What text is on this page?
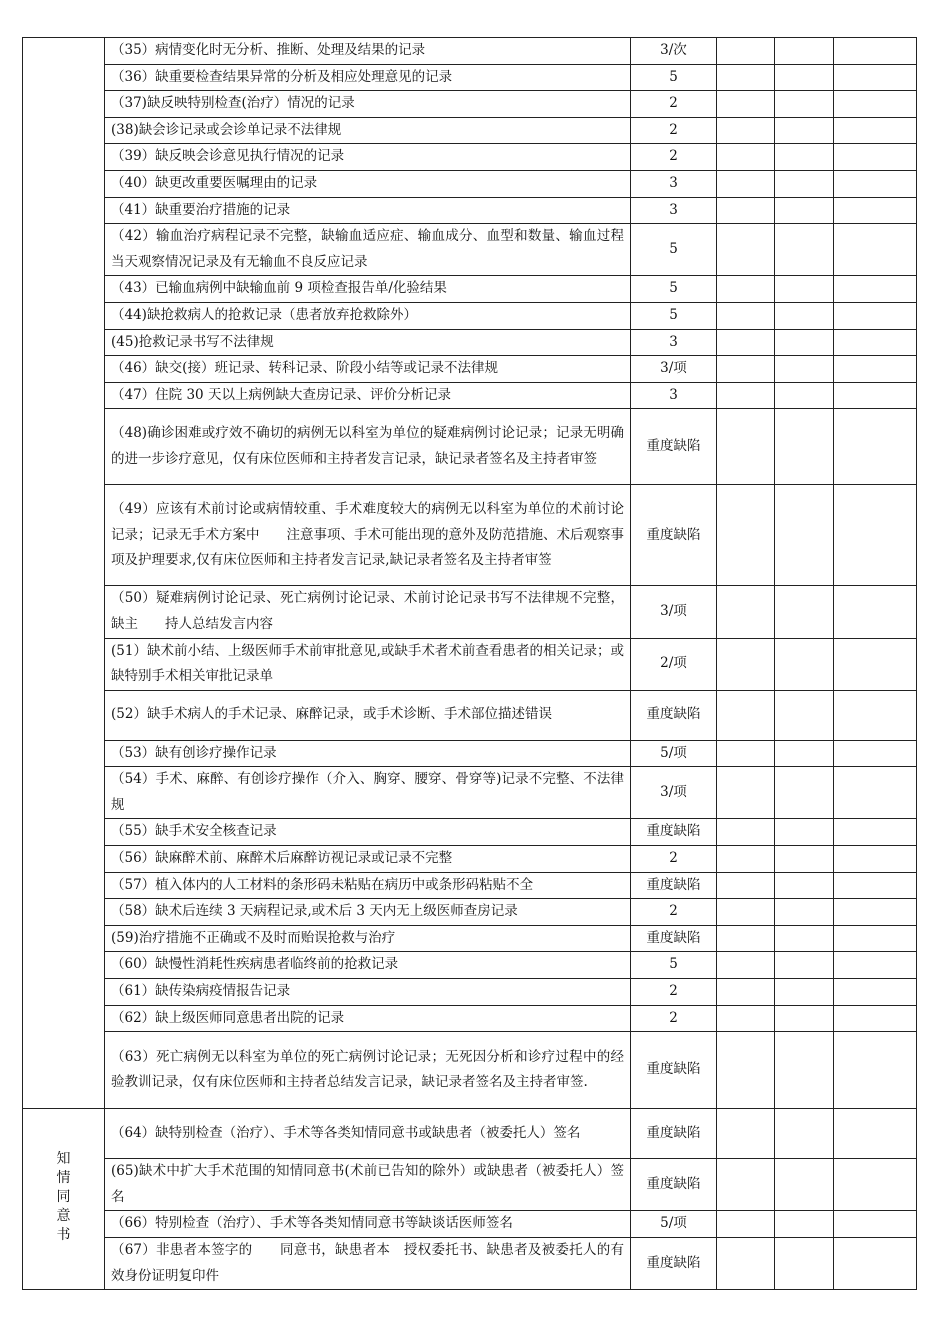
	（35）病情变化时无分析、推断、处理及结果的记录	3/次			
	（36）缺重要检查结果异常的分析及相应处理意见的记录	5			
	（37)缺反映特别检查(治疗）情况的记录	2			
	(38)缺会诊记录或会诊单记录不法律规	2			
	（39）缺反映会诊意见执行情况的记录	2			
	（40）缺更改重要医嘱理由的记录	3			
	（41）缺重要治疗措施的记录	3			
	（42）输血治疗病程记录不完整，缺输血适应症、输血成分、血型和数量、输血过程当天观察情况记录及有无输血不良反应记录	5			
	（43）已输血病例中缺输血前 9 项检查报告单/化验结果	5			
	（44)缺抢救病人的抢救记录（患者放弃抢救除外）	5			
	(45)抢救记录书写不法律规	3			
	（46）缺交(接）班记录、转科记录、阶段小结等或记录不法律规	3/项			
	（47）住院 30 天以上病例缺大查房记录、评价分析记录	3			
	（48)确诊困难或疗效不确切的病例无以科室为单位的疑难病例讨论记录；记录无明确的进一步诊疗意见，仅有床位医师和主持者发言记录，缺记录者签名及主持者审签	重度缺陷			
	（49）应该有术前讨论或病情较重、手术难度较大的病例无以科室为单位的术前讨论记录；记录无手术方案中　　注意事项、手术可能出现的意外及防范措施、术后观察事项及护理要求,仅有床位医师和主持者发言记录,缺记录者签名及主持者审签	重度缺陷			
	（50）疑难病例讨论记录、死亡病例讨论记录、术前讨论记录书写不法律规不完整，缺主　　持人总结发言内容	3/项			
	(51）缺术前小结、上级医师手术前审批意见,或缺手术者术前查看患者的相关记录；或缺特别手术相关审批记录单	2/项			
	(52）缺手术病人的手术记录、麻醉记录，或手术诊断、手术部位描述错误	重度缺陷			
	（53）缺有创诊疗操作记录	5/项			
	（54）手术、麻醉、有创诊疗操作（介入、胸穿、腰穿、骨穿等)记录不完整、不法律规	3/项			
	（55）缺手术安全核查记录	重度缺陷			
	（56）缺麻醉术前、麻醉术后麻醉访视记录或记录不完整	2			
	（57）植入体内的人工材料的条形码未粘贴在病历中或条形码粘贴不全	重度缺陷			
	（58）缺术后连续 3 天病程记录,或术后 3 天内无上级医师查房记录	2			
	(59)治疗措施不正确或不及时而贻误抢救与治疗	重度缺陷			
	（60）缺慢性消耗性疾病患者临终前的抢救记录	5			
	（61）缺传染病疫情报告记录	2			
	（62）缺上级医师同意患者出院的记录	2			
	（63）死亡病例无以科室为单位的死亡病例讨论记录；无死因分析和诊疗过程中的经验教训记录，仅有床位医师和主持者总结发言记录，缺记录者签名及主持者审签.	重度缺陷			
知情同意书	（64）缺特别检查（治疗）、手术等各类知情同意书或缺患者（被委托人）签名	重度缺陷			
	(65)缺术中扩大手术范围的知情同意书(术前已告知的除外）或缺患者（被委托人）签名	重度缺陷			
	（66）特别检查（治疗）、手术等各类知情同意书等缺谈话医师签名	5/项			
	（67）非患者本签字的　　同意书，缺患者本　授权委托书、缺患者及被委托人的有效身份证明复印件	重度缺陷			
